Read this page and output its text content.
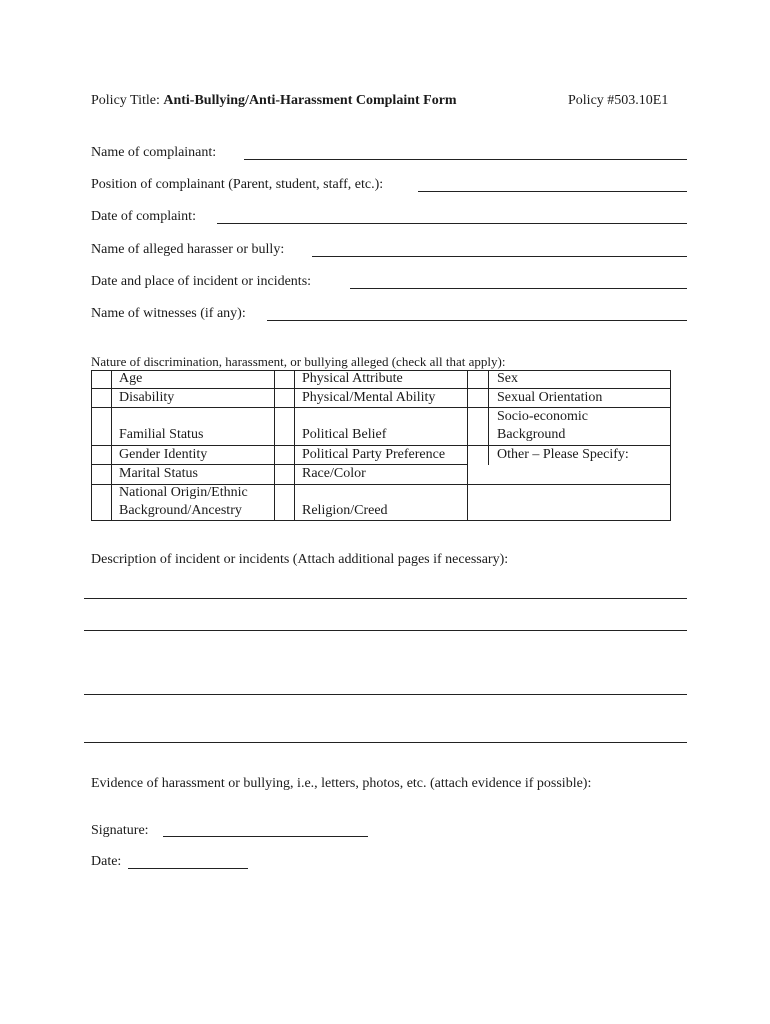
Policy Title: Anti-Bullying/Anti-Harassment Complaint Form	Policy #503.10E1
Name of complainant:
Position of complainant (Parent, student, staff, etc.):
Date of complaint:
Name of alleged harasser or bully:
Date and place of incident or incidents:
Name of witnesses (if any):
Nature of discrimination, harassment, or bullying alleged (check all that apply):
Age
Disability
Familial Status
Gender Identity
Marital Status
National Origin/Ethnic
Background/Ancestry
Physical Attribute
Physical/Mental Ability
Political Belief
Political Party Preference
Race/Color
Religion/Creed
Sex
Sexual Orientation
Socio-economic
Background
Other – Please Specify:
Description of incident or incidents (Attach additional pages if necessary):
Evidence of harassment or bullying, i.e., letters, photos, etc. (attach evidence if possible):
Signature:
Date:
